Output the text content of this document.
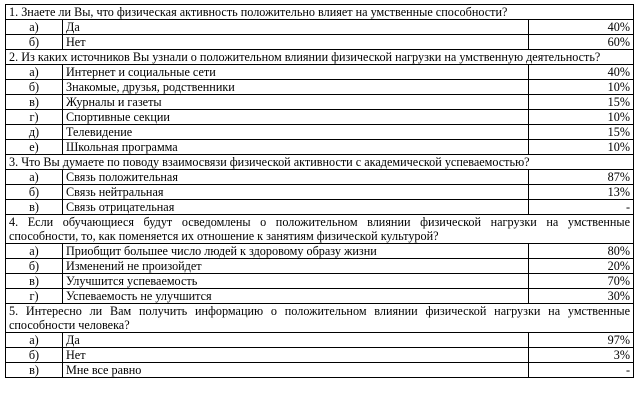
1. Знаете ли Вы, что физическая активность положительно влияет на умственные способности?		
а)	Да	40%
б)	Нет	60%
2. Из каких источников Вы узнали о положительном влиянии физической нагрузки на умственную деятельность?		
а)	Интернет и социальные сети	40%
б)	Знакомые, друзья, родственники	10%
в)	Журналы и газеты	15%
г)	Спортивные секции	10%
д)	Телевидение	15%
е)	Школьная программа	10%
3. Что Вы думаете по поводу взаимосвязи физической активности с академической успеваемостью?		
а)	Связь положительная	87%
б)	Связь нейтральная	13%
в)	Связь отрицательная	-
4. Если обучающиеся будут осведомлены о положительном влиянии физической нагрузки на умственные способности, то, как поменяется их отношение к занятиям физической культурой?		
а)	Приобщит большее число людей к здоровому образу жизни	80%
б)	Изменений не произойдет	20%
в)	Улучшится успеваемость	70%
г)	Успеваемость не улучшится	30%
5. Интересно ли Вам получить информацию о положительном влиянии физической нагрузки на умственные способности человека?		
а)	Да	97%
б)	Нет	3%
в)	Мне все равно	-
